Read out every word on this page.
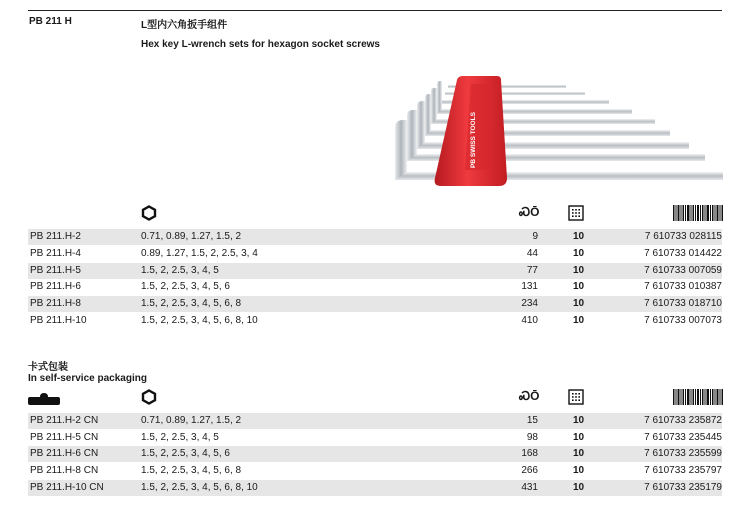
PB 211 H	L型内六角扳手组件
Hex key L-wrench sets for hexagon socket screws
PB SWISS TOOLS
ᏍŌ
PB 211.H-2	0.71, 0.89, 1.27, 1.5, 2	9	10	7 610733 028115
PB 211.H-4	0.89, 1.27, 1.5, 2, 2.5, 3, 4	44	10	7 610733 014422
PB 211.H-5	1.5, 2, 2.5, 3, 4, 5	77	10	7 610733 007059
PB 211.H-6	1.5, 2, 2.5, 3, 4, 5, 6	131	10	7 610733 010387
PB 211.H-8	1.5, 2, 2.5, 3, 4, 5, 6, 8	234	10	7 610733 018710
PB 211.H-10	1.5, 2, 2.5, 3, 4, 5, 6, 8, 10	410	10	7 610733 007073
卡式包装
In self-service packaging
ᏍŌ
PB 211.H-2 CN	0.71, 0.89, 1.27, 1.5, 2	15	10	7 610733 235872
PB 211.H-5 CN	1.5, 2, 2.5, 3, 4, 5	98	10	7 610733 235445
PB 211.H-6 CN	1.5, 2, 2.5, 3, 4, 5, 6	168	10	7 610733 235599
PB 211.H-8 CN	1.5, 2, 2.5, 3, 4, 5, 6, 8	266	10	7 610733 235797
PB 211.H-10 CN	1.5, 2, 2.5, 3, 4, 5, 6, 8, 10	431	10	7 610733 235179
